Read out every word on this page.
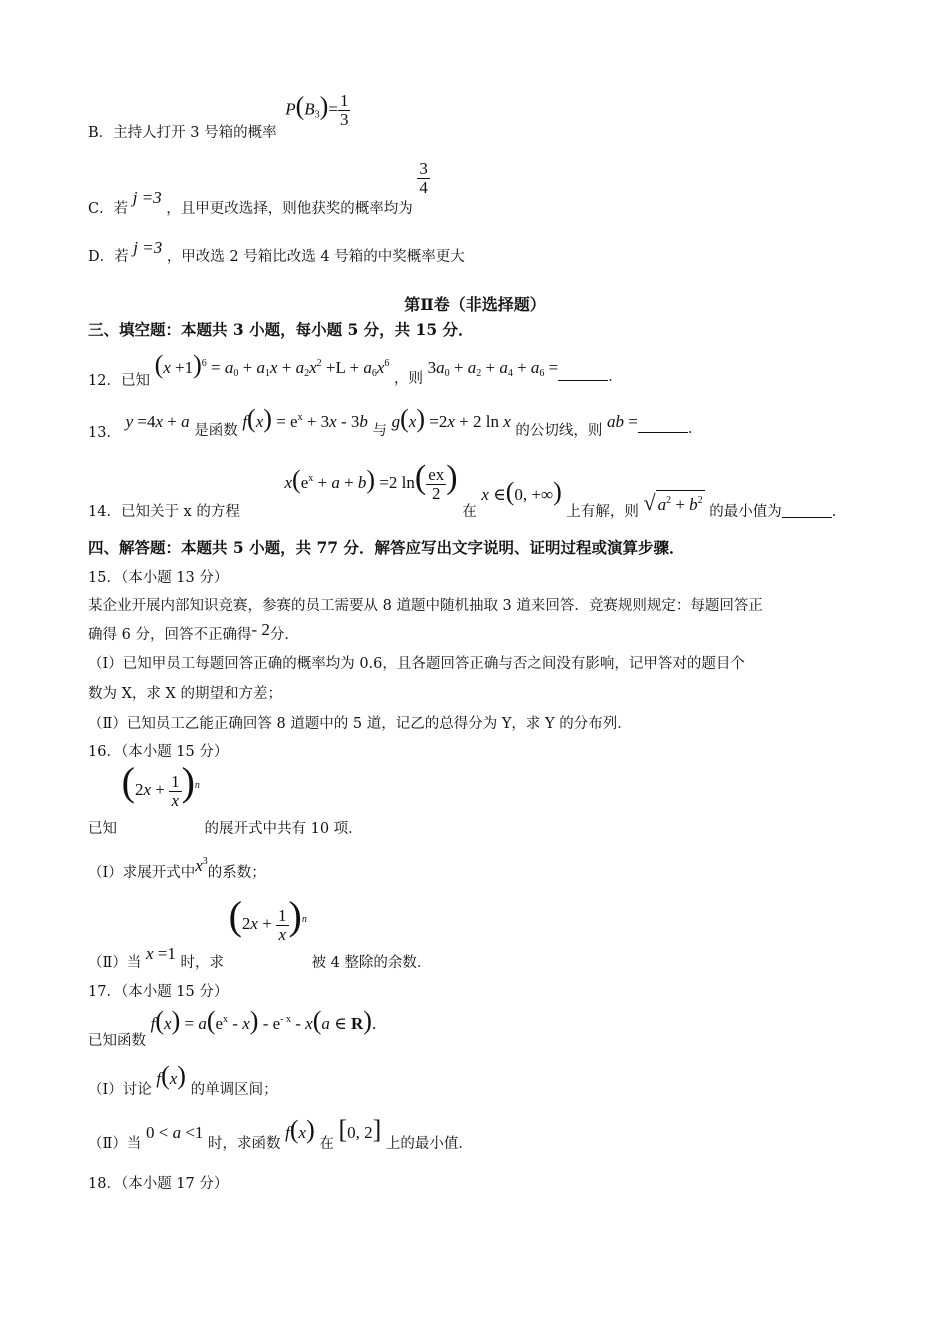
B．主持人打开 3 号箱的概率 $P(B_3)= \frac{1}{3}$
C．若 j =3 ，且甲更改选择，则他获奖的概率均为
$\frac{3}{4}$
D．若 j =3 ，甲改选 2 号箱比改选 4 号箱的中奖概率更大
第Ⅱ卷（非选择题）
三、填空题：本题共 3 小题，每小题 5 分，共 15 分．
12．已知 $(x +1)^6 = a_0 + a_1x + a_2x^2 +L + a_6x^6$ ，则 $3a_0 + a_2 + a_4 + a_6$ =	．
13． y =4x + a 是函数 $f(x) = e^x + 3x - 3b$ 与 g(x) =2x + 2 ln x 的公切线，则 ab =	．
14．已知关于 x 的方程 $x(e^x + a + b) =2$ $\ln( \frac{ex}{2}$ ) 在 x ∈(0, +∞) 上有解，则 √ $a^2 + b^2$ 的最小值为	．
四、解答题：本题共 5 小题，共 77 分．解答应写出文字说明、证明过程或演算步骤．
15．（本小题 13 分）
某企业开展内部知识竞赛，参赛的员工需要从 8 道题中随机抽取 3 道来回答．竞赛规则规定：每题回答正
确得 6 分，回答不正确得- 2分．
（Ⅰ）已知甲员工每题回答正确的概率均为 0.6，且各题回答正确与否之间没有影响，记甲答对的题目个
数为 X，求 X 的期望和方差；
（Ⅱ）已知员工乙能正确回答 8 道题中的 5 道，记乙的总得分为 Y，求 Y 的分布列．
16．（本小题 15 分）
已知 $(2x + \frac{1}{x} )^n$ 的展开式中共有 10 项．
（Ⅰ）求展开式中$x^3$的系数；
（Ⅱ）当 x =1 时，求 $(2x + \frac{1}{x} )^n$ 被 4 整除的余数．
17．（本小题 15 分）
已知函数 $f(x) = a(e^x - x) - e^{- x} - x(a$ ∈ R).
（Ⅰ）讨论 f(x) 的单调区间；
（Ⅱ）当 0 < a <1 时，求函数 f(x) 在 [0, 2] 上的最小值．
18．（本小题 17 分）
